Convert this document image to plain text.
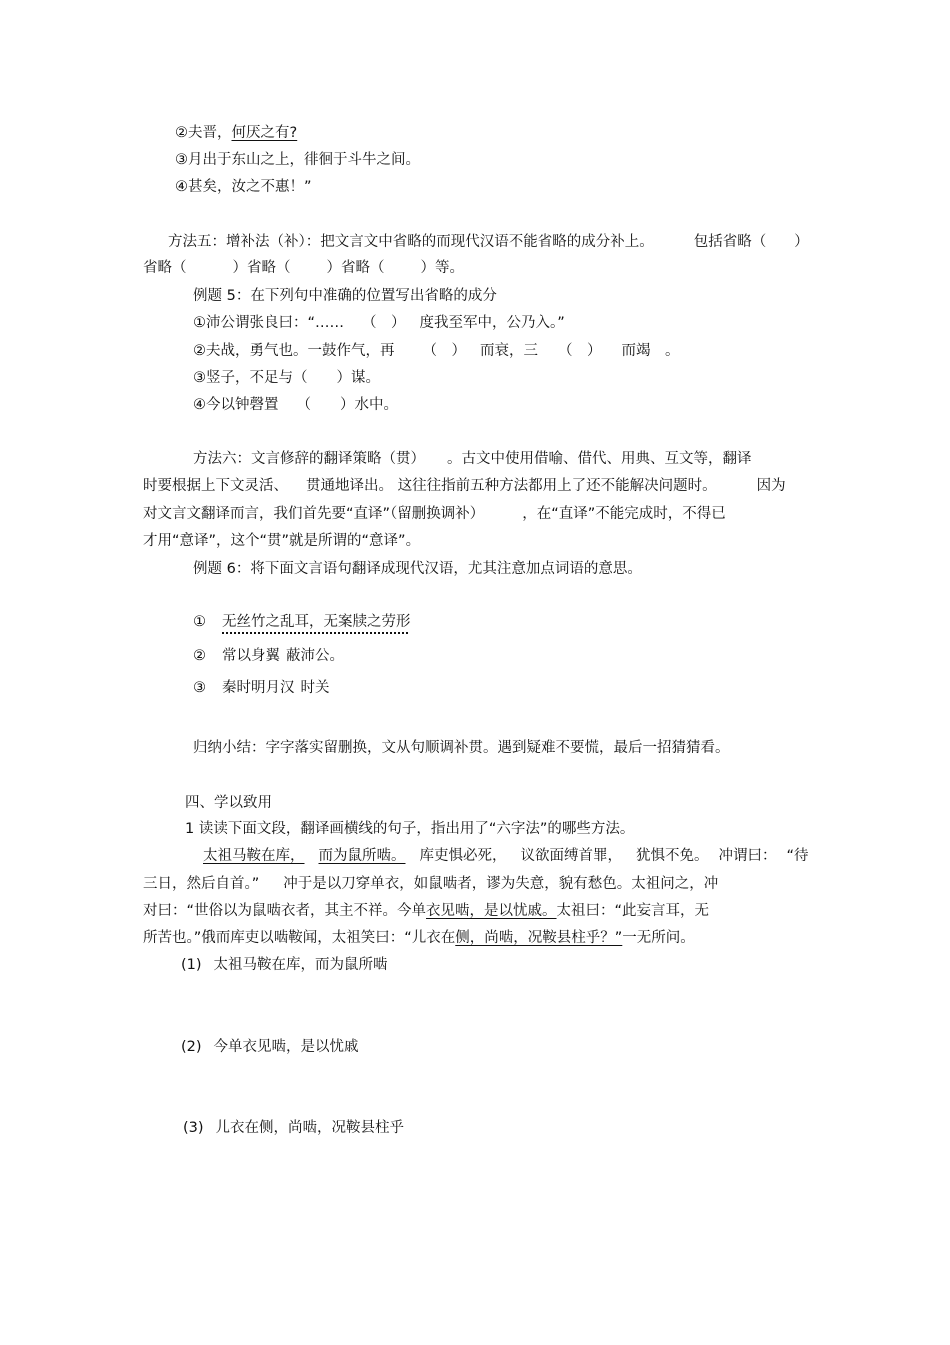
②夫晋，何厌之有?
③月出于东山之上，徘徊于斗牛之间。
④甚矣，汝之不惠！”
方法五：增补法（补）：把文言文中省略的而现代汉语不能省略的成分补上。	包括省略（ ）
省略（	）省略（ ）省略（ ）等。
例题 5：在下列句中准确的位置写出省略的成分
①沛公谓张良曰：“…… （　） 度我至军中，公乃入。”
②夫战，勇气也。一鼓作气，再 （　） 而衰，三 （　） 而竭　。
③竖子，不足与（　　）谋。
④今以钟磬置 （　　）水中。
方法六：文言修辞的翻译策略（贯） 。古文中使用借喻、借代、用典、互文等，翻译
时要根据上下文灵活、 贯通地译出。 这往往指前五种方法都用上了还不能解决问题时。	因为
对文言文翻译而言，我们首先要“直译”（留删换调补）	，在“直译”不能完成时，不得已
才用“意译”，这个“贯”就是所谓的“意译”。
例题 6：将下面文言语句翻译成现代汉语，尤其注意加点词语的意思。
① 无丝竹之乱耳，无案牍之劳形
② 常以身翼 蔽沛公。
③ 秦时明月汉 时关
归纳小结：字字落实留删换，文从句顺调补贯。遇到疑难不要慌，最后一招猜猜看。
四、学以致用
1 读读下面文段，翻译画横线的句子，指出用了“六字法”的哪些方法。
太祖马鞍在库， 而为鼠所啮。 库吏惧必死， 议欲面缚首罪， 犹惧不免。 冲谓曰： “待
三日，然后自首。” 冲于是以刀穿单衣，如鼠啮者，谬为失意，貌有愁色。太祖问之，冲
对曰：“世俗以为鼠啮衣者，其主不祥。今单衣见啮，是以忧戚。太祖曰：“此妄言耳，无
所苦也。”俄而库吏以啮鞍闻，太祖笑曰：“儿衣在侧，尚啮，况鞍县柱乎？”一无所问。
(1) 太祖马鞍在库，而为鼠所啮
(2) 今单衣见啮，是以忧戚
(3) 儿衣在侧，尚啮，况鞍县柱乎
